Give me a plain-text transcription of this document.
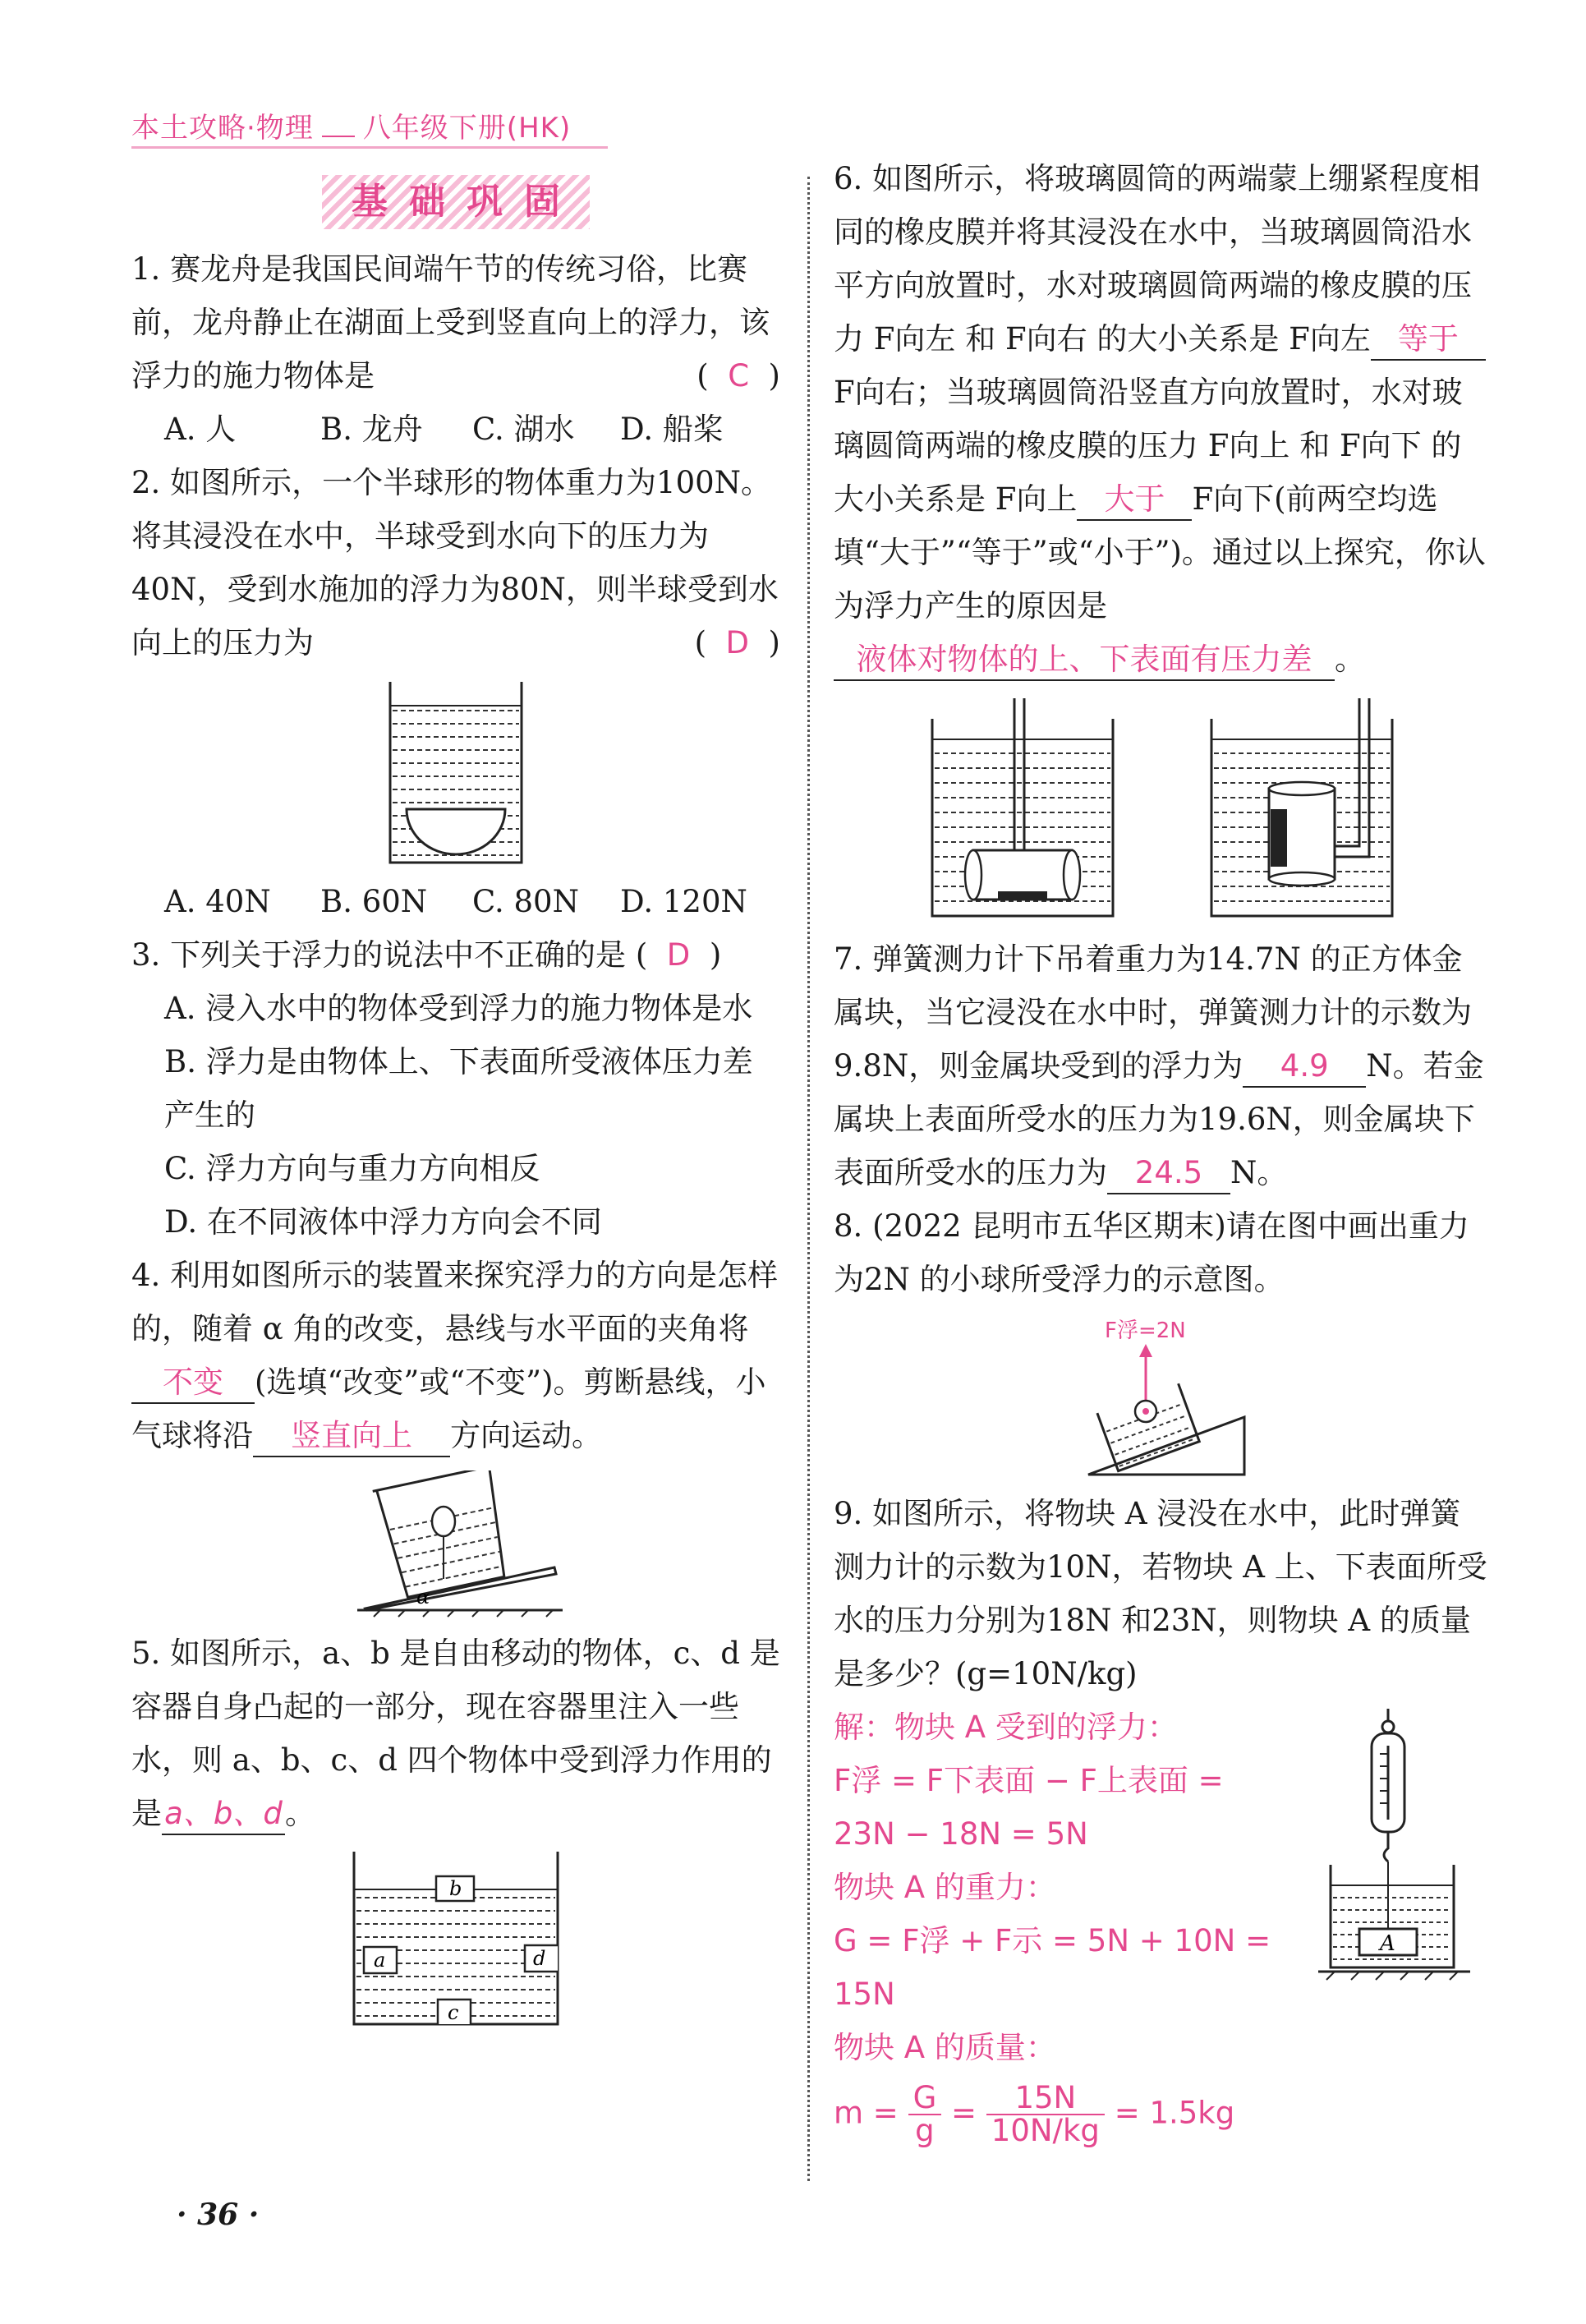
本土攻略·物理 八年级下册(HK)
基础巩固
1. 赛龙舟是我国民间端午节的传统习俗，比赛前，龙舟静止在湖面上受到竖直向上的浮力，该浮力的施力物体是	(  C  )
A. 人	B. 龙舟	C. 湖水	D. 船桨
2. 如图所示，一个半球形的物体重力为100N。将其浸没在水中，半球受到水向下的压力为40N，受到水施加的浮力为80N，则半球受到水向上的压力为	(  D  )
A. 40N	B. 60N	C. 80N	D. 120N
3. 下列关于浮力的说法中不正确的是 (  D  )
A. 浸入水中的物体受到浮力的施力物体是水
B. 浮力是由物体上、下表面所受液体压力差产生的
C. 浮力方向与重力方向相反
D. 在不同液体中浮力方向会不同
4. 利用如图所示的装置来探究浮力的方向是怎样的，随着 α 角的改变，悬线与水平面的夹角将不变 (选填“改变”或“不变”)。剪断悬线，小气球将沿 竖直向上 方向运动。
α
5. 如图所示，a、b 是自由移动的物体，c、d 是容器自身凸起的一部分，现在容器里注入一些水，则 a、b、c、d 四个物体中受到浮力作用的是a、b、d。
b
a	d
c
6. 如图所示，将玻璃圆筒的两端蒙上绷紧程度相同的橡皮膜并将其浸没在水中，当玻璃圆筒沿水平方向放置时，水对玻璃圆筒两端的橡皮膜的压力 F向左 和 F向右 的大小关系是 F向左 等于F向右；当玻璃圆筒沿竖直方向放置时，水对玻璃圆筒两端的橡皮膜的压力 F向上 和 F向下 的大小关系是 F向上 大于 F向下(前两空均选填“大于”“等于”或“小于”)。通过以上探究，你认为浮力产生的原因是液体对物体的上、下表面有压力差 。
7. 弹簧测力计下吊着重力为14.7N 的正方体金属块，当它浸没在水中时，弹簧测力计的示数为9.8N，则金属块受到的浮力为 4.9 N。若金属块上表面所受水的压力为19.6N，则金属块下表面所受水的压力为 24.5 N。
8. (2022 昆明市五华区期末)请在图中画出重力为2N 的小球所受浮力的示意图。
F浮=2N
9. 如图所示，将物块 A 浸没在水中，此时弹簧测力计的示数为10N，若物块 A 上、下表面所受水的压力分别为18N 和23N，则物块 A 的质量是多少？(g=10N/kg)
解：物块 A 受到的浮力：
F浮 = F下表面 − F上表面 = 23N − 18N = 5N
物块 A 的重力：
G = F浮 + F示 = 5N + 10N = 15N
物块 A 的质量：
$m = \frac{G}{g} = \frac{15N}{10N/kg} = 1.5kg$
A
· 36 ·
